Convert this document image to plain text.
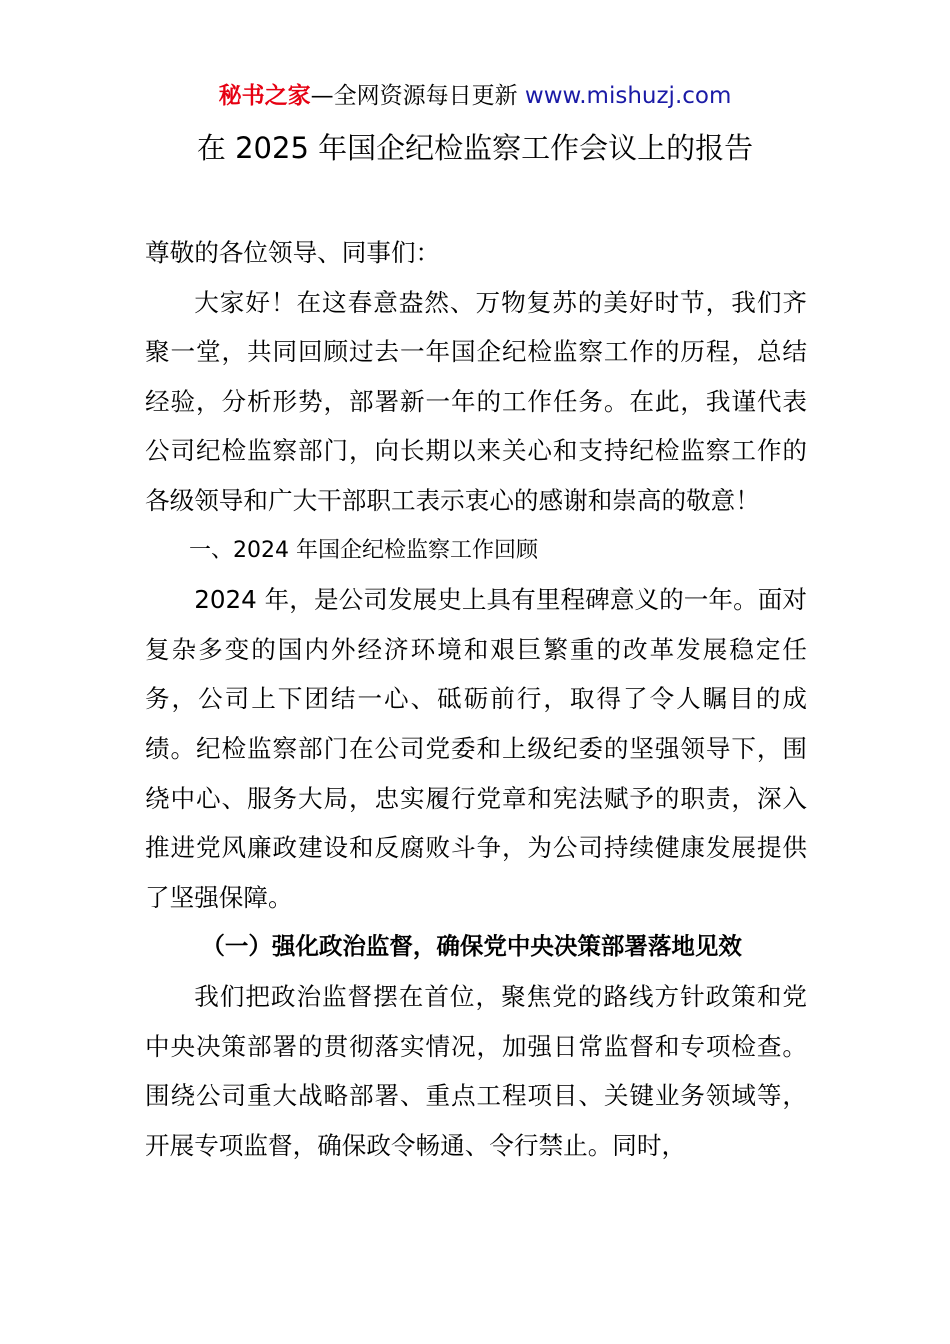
秘书之家—全网资源每日更新 www.mishuzj.com
在 2025 年国企纪检监察工作会议上的报告

尊敬的各位领导、同事们：

大家好！在这春意盎然、万物复苏的美好时节，我们齐聚一堂，共同回顾过去一年国企纪检监察工作的历程，总结经验，分析形势，部署新一年的工作任务。在此，我谨代表公司纪检监察部门，向长期以来关心和支持纪检监察工作的各级领导和广大干部职工表示衷心的感谢和崇高的敬意！

一、2024 年国企纪检监察工作回顾

2024 年，是公司发展史上具有里程碑意义的一年。面对复杂多变的国内外经济环境和艰巨繁重的改革发展稳定任务，公司上下团结一心、砥砺前行，取得了令人瞩目的成绩。纪检监察部门在公司党委和上级纪委的坚强领导下，围绕中心、服务大局，忠实履行党章和宪法赋予的职责，深入推进党风廉政建设和反腐败斗争，为公司持续健康发展提供了坚强保障。

（一）强化政治监督，确保党中央决策部署落地见效

我们把政治监督摆在首位，聚焦党的路线方针政策和党中央决策部署的贯彻落实情况，加强日常监督和专项检查。围绕公司重大战略部署、重点工程项目、关键业务领域等，开展专项监督，确保政令畅通、令行禁止。同时，
